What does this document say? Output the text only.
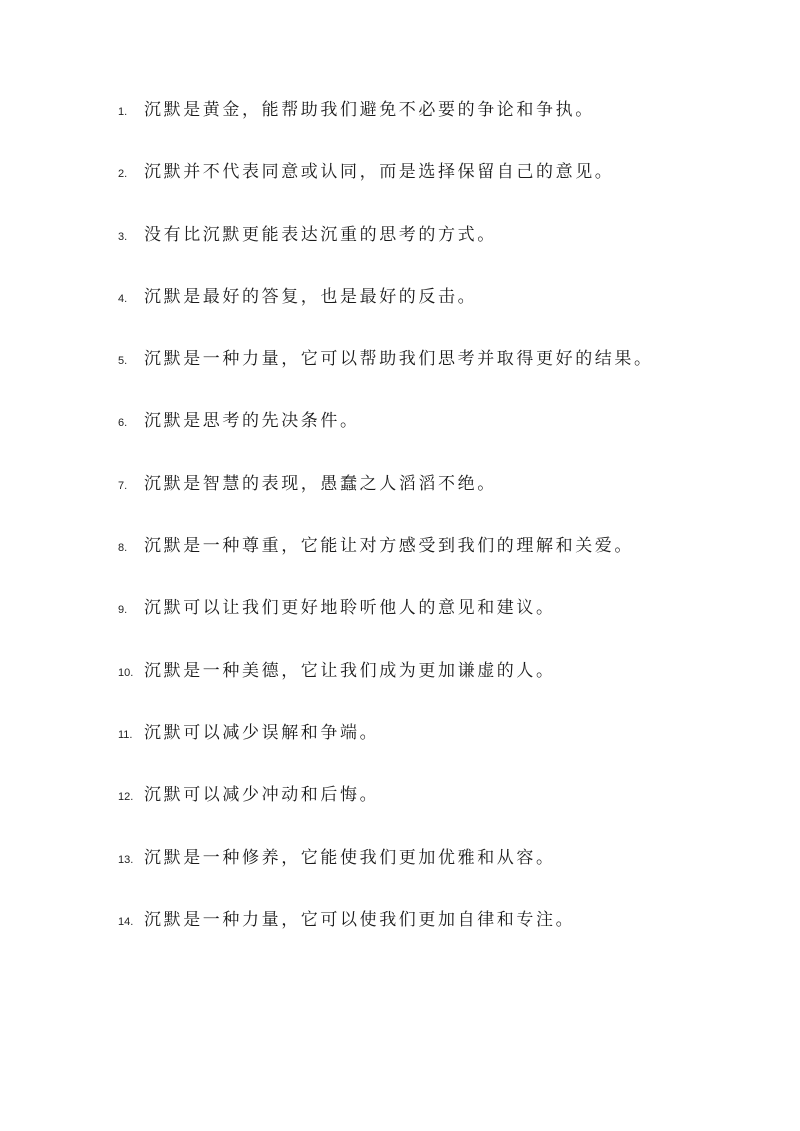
1. 沉默是黄金，能帮助我们避免不必要的争论和争执。
2. 沉默并不代表同意或认同，而是选择保留自己的意见。
3. 没有比沉默更能表达沉重的思考的方式。
4. 沉默是最好的答复，也是最好的反击。
5. 沉默是一种力量，它可以帮助我们思考并取得更好的结果。
6. 沉默是思考的先决条件。
7. 沉默是智慧的表现，愚蠢之人滔滔不绝。
8. 沉默是一种尊重，它能让对方感受到我们的理解和关爱。
9. 沉默可以让我们更好地聆听他人的意见和建议。
10. 沉默是一种美德，它让我们成为更加谦虚的人。
11. 沉默可以减少误解和争端。
12. 沉默可以减少冲动和后悔。
13. 沉默是一种修养，它能使我们更加优雅和从容。
14. 沉默是一种力量，它可以使我们更加自律和专注。
